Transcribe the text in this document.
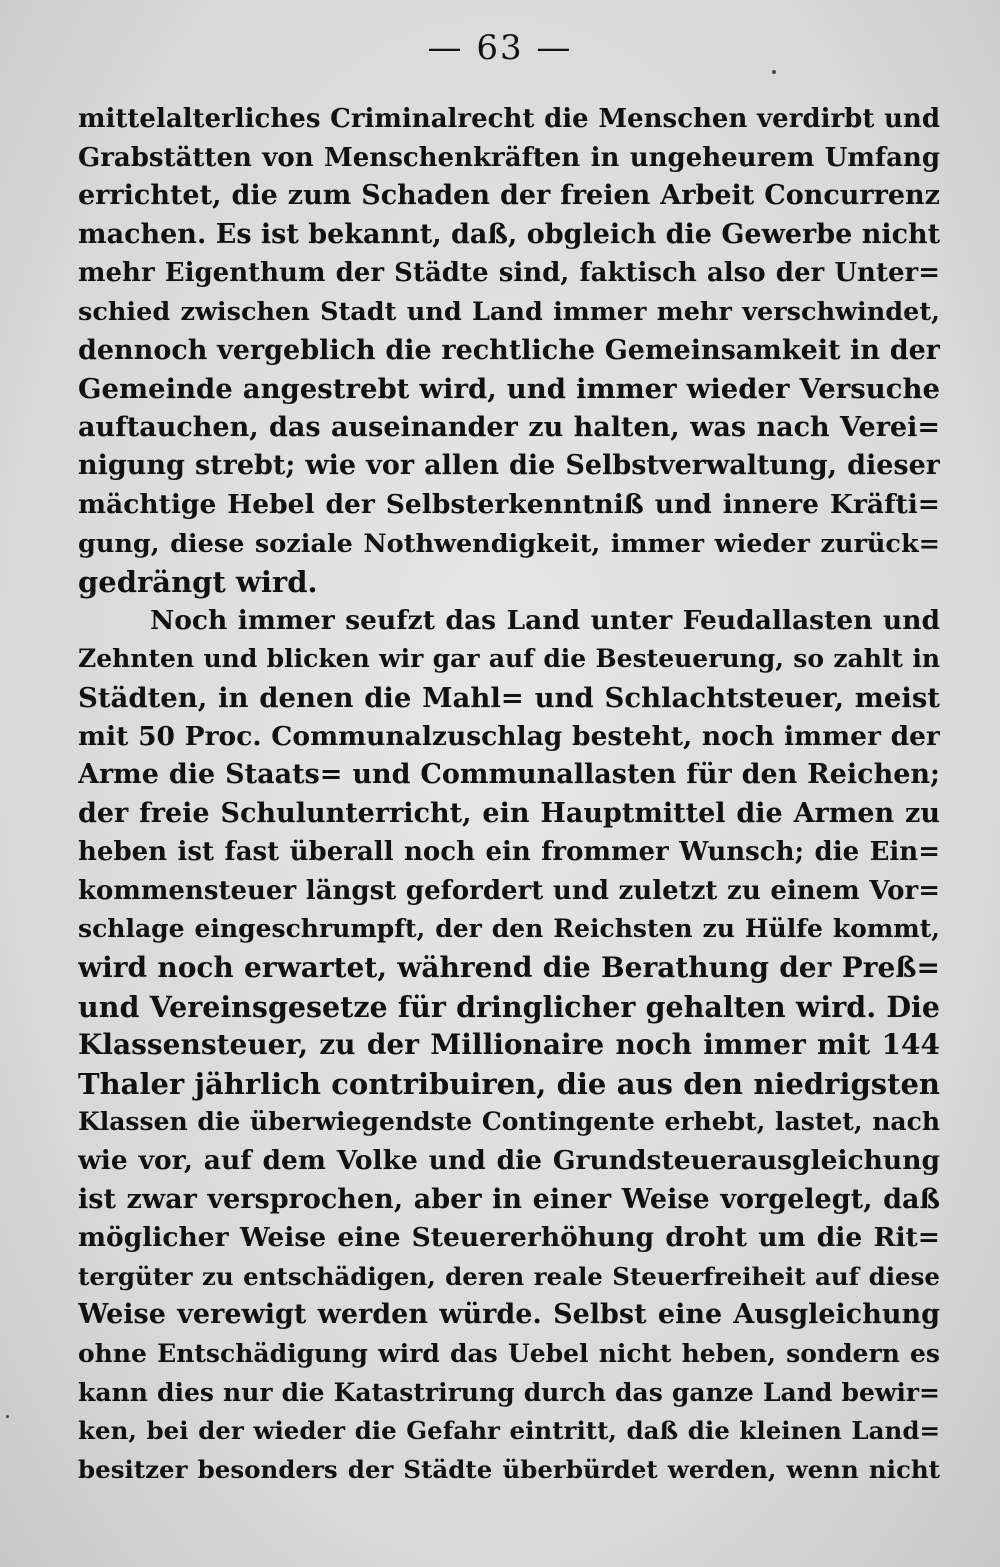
— 63 —
mittelalterliches Criminalrecht die Menschen verdirbt und
Grabstätten von Menschenkräften in ungeheurem Umfang
errichtet, die zum Schaden der freien Arbeit Concurrenz
machen. Es ist bekannt, daß, obgleich die Gewerbe nicht
mehr Eigenthum der Städte sind, faktisch also der Unter=
schied zwischen Stadt und Land immer mehr verschwindet,
dennoch vergeblich die rechtliche Gemeinsamkeit in der
Gemeinde angestrebt wird, und immer wieder Versuche
auftauchen, das auseinander zu halten, was nach Verei=
nigung strebt; wie vor allen die Selbstverwaltung, dieser
mächtige Hebel der Selbsterkenntniß und innere Kräfti=
gung, diese soziale Nothwendigkeit, immer wieder zurück=
gedrängt wird.
Noch immer seufzt das Land unter Feudallasten und
Zehnten und blicken wir gar auf die Besteuerung, so zahlt in
Städten, in denen die Mahl= und Schlachtsteuer, meist
mit 50 Proc. Communalzuschlag besteht, noch immer der
Arme die Staats= und Communallasten für den Reichen;
der freie Schulunterricht, ein Hauptmittel die Armen zu
heben ist fast überall noch ein frommer Wunsch; die Ein=
kommensteuer längst gefordert und zuletzt zu einem Vor=
schlage eingeschrumpft, der den Reichsten zu Hülfe kommt,
wird noch erwartet, während die Berathung der Preß=
und Vereinsgesetze für dringlicher gehalten wird. Die
Klassensteuer, zu der Millionaire noch immer mit 144
Thaler jährlich contribuiren, die aus den niedrigsten
Klassen die überwiegendste Contingente erhebt, lastet, nach
wie vor, auf dem Volke und die Grundsteuerausgleichung
ist zwar versprochen, aber in einer Weise vorgelegt, daß
möglicher Weise eine Steuererhöhung droht um die Rit=
tergüter zu entschädigen, deren reale Steuerfreiheit auf diese
Weise verewigt werden würde. Selbst eine Ausgleichung
ohne Entschädigung wird das Uebel nicht heben, sondern es
kann dies nur die Katastrirung durch das ganze Land bewir=
ken, bei der wieder die Gefahr eintritt, daß die kleinen Land=
besitzer besonders der Städte überbürdet werden, wenn nicht
